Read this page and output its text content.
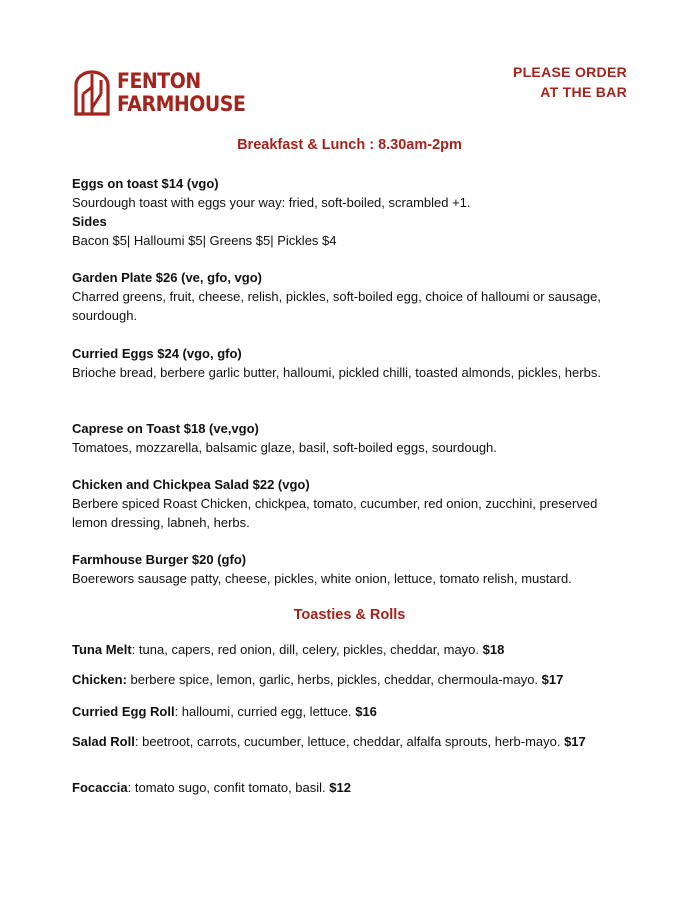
FENTON
FARMHOUSE
PLEASE ORDER
AT THE BAR
Breakfast & Lunch : 8.30am-2pm
Eggs on toast $14 (vgo)
Sourdough toast with eggs your way: fried, soft-boiled, scrambled +1.
Sides
Bacon $5| Halloumi $5| Greens $5| Pickles $4
Garden Plate $26 (ve, gfo, vgo)
Charred greens, fruit, cheese, relish, pickles, soft-boiled egg, choice of halloumi or sausage, sourdough.
Curried Eggs $24 (vgo, gfo)
Brioche bread, berbere garlic butter, halloumi, pickled chilli, toasted almonds, pickles, herbs.
Caprese on Toast $18 (ve,vgo)
Tomatoes, mozzarella, balsamic glaze, basil, soft-boiled eggs, sourdough.
Chicken and Chickpea Salad $22 (vgo)
Berbere spiced Roast Chicken, chickpea, tomato, cucumber, red onion, zucchini, preserved lemon dressing, labneh, herbs.
Farmhouse Burger $20 (gfo)
Boerewors sausage patty, cheese, pickles, white onion, lettuce, tomato relish, mustard.
Toasties & Rolls
Tuna Melt: tuna, capers, red onion, dill, celery, pickles, cheddar, mayo. $18
Chicken: berbere spice, lemon, garlic, herbs, pickles, cheddar, chermoula-mayo. $17
Curried Egg Roll: halloumi, curried egg, lettuce. $16
Salad Roll: beetroot, carrots, cucumber, lettuce, cheddar, alfalfa sprouts, herb-mayo. $17
Focaccia: tomato sugo, confit tomato, basil. $12
